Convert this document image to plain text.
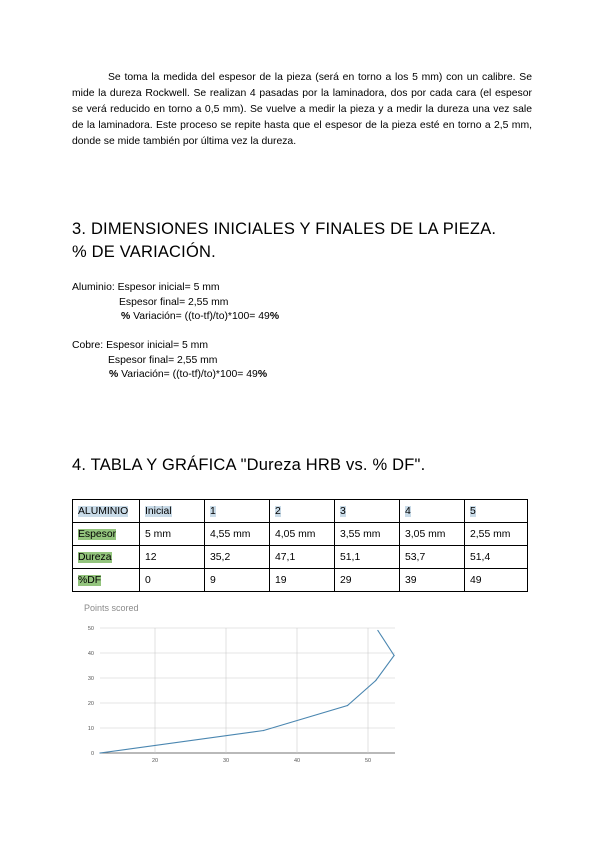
Se toma la medida del espesor de la pieza (será en torno a los 5 mm) con un calibre. Se mide la dureza Rockwell. Se realizan 4 pasadas por la laminadora, dos por cada cara (el espesor se verá reducido en torno a 0,5 mm). Se vuelve a medir la pieza y a medir la dureza una vez sale de la laminadora. Este proceso se repite hasta que el espesor de la pieza esté en torno a 2,5 mm, donde se mide también por última vez la dureza.

3. DIMENSIONES INICIALES Y FINALES DE LA PIEZA.
% DE VARIACIÓN.
Aluminio: Espesor inicial= 5 mm
Espesor final= 2,55 mm
% Variación= ((to-tf)/to)*100= 49%
Cobre: Espesor inicial= 5 mm
Espesor final= 2,55 mm
% Variación= ((to-tf)/to)*100= 49%
4. TABLA Y GRÁFICA "Dureza HRB vs. % DF".
ALUMINIO	Inicial	1	2	3	4	5
Espesor	5 mm	4,55 mm	4,05 mm	3,55 mm	3,05 mm	2,55 mm
Dureza	12	35,2	47,1	51,1	53,7	51,4
%DF	0	9	19	29	39	49
Points scored
0
10
20
30
40
50
20	30	40	50
